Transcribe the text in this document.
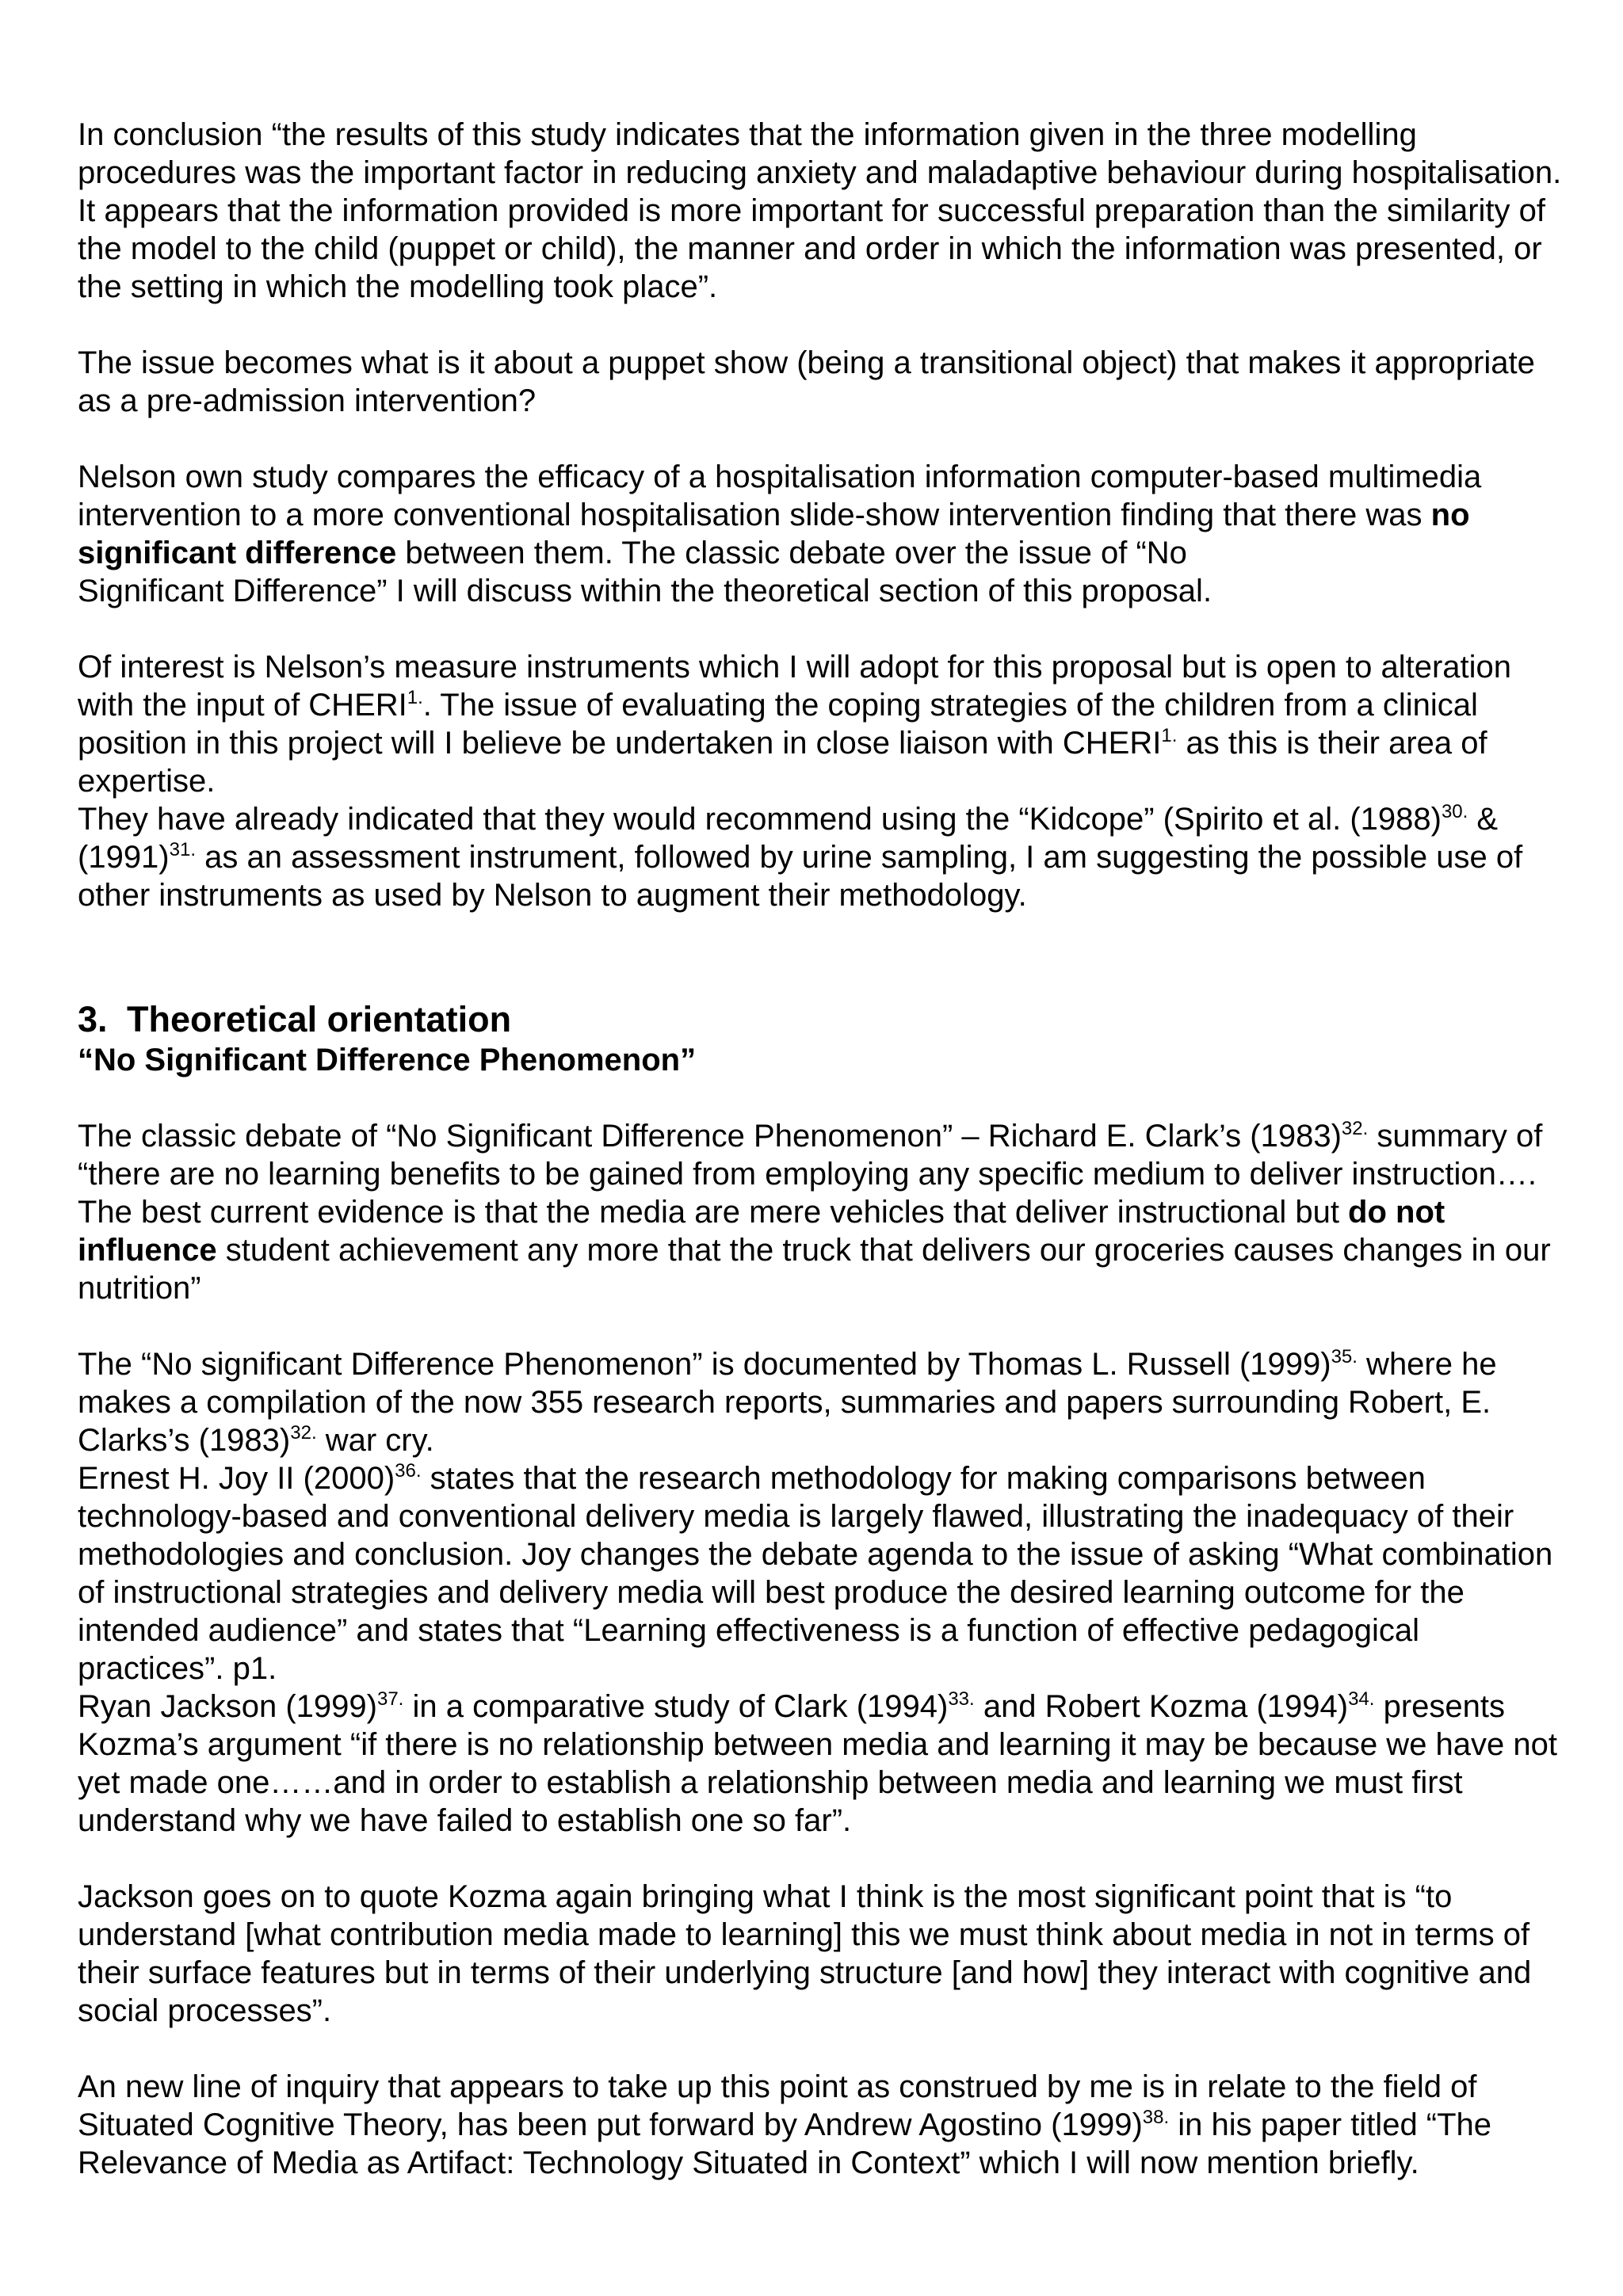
In conclusion “the results of this study indicates that the information given in the three modelling procedures was the important factor in reducing anxiety and maladaptive behaviour during hospitalisation. It appears that the information provided is more important for successful preparation than the similarity of the model to the child (puppet or child), the manner and order in which the information was presented, or the setting in which the modelling took place”.

The issue becomes what is it about a puppet show (being a transitional object) that makes it appropriate as a pre-admission intervention?

Nelson own study compares the efficacy of a hospitalisation information computer-based multimedia intervention to a more conventional hospitalisation slide-show intervention finding that there was no significant difference between them. The classic debate over the issue of “No
Significant Difference” I will discuss within the theoretical section of this proposal.

Of interest is Nelson’s measure instruments which I will adopt for this proposal but is open to alteration with the input of $CHERI^{1.}$. The issue of evaluating the coping strategies of the children from a clinical position in this project will I believe be undertaken in close liaison with $CHERI^{1.}$ as this is their area of expertise.

They have already indicated that they would recommend using the “Kidcope” (Spirito et al. $(1988)^{30.}$ & $(1991)^{31.}$ as an assessment instrument, followed by urine sampling, I am suggesting the possible use of other instruments as used by Nelson to augment their methodology.

3. Theoretical orientation

“No Significant Difference Phenomenon”

The classic debate of “No Significant Difference Phenomenon” – Richard E. Clark’s $(1983)^{32.}$ summary of “there are no learning benefits to be gained from employing any specific medium to deliver instruction…. The best current evidence is that the media are mere vehicles that deliver instructional but do not influence student achievement any more that the truck that delivers our groceries causes changes in our nutrition”

The “No significant Difference Phenomenon” is documented by Thomas L. Russell $(1999)^{35.}$ where he makes a compilation of the now 355 research reports, summaries and papers surrounding Robert, E. Clarks’s $(1983)^{32.}$ war cry.

Ernest H. Joy II $(2000)^{36.}$ states that the research methodology for making comparisons between technology-based and conventional delivery media is largely flawed, illustrating the inadequacy of their methodologies and conclusion. Joy changes the debate agenda to the issue of asking “What combination of instructional strategies and delivery media will best produce the desired learning outcome for the intended audience” and states that “Learning effectiveness is a function of effective pedagogical practices”. p1.

Ryan Jackson $(1999)^{37.}$ in a comparative study of Clark $(1994)^{33.}$ and Robert Kozma $(1994)^{34.}$ presents Kozma’s argument “if there is no relationship between media and learning it may be because we have not yet made one……and in order to establish a relationship between media and learning we must first understand why we have failed to establish one so far”.

Jackson goes on to quote Kozma again bringing what I think is the most significant point that is “to understand [what contribution media made to learning] this we must think about media in not in terms of their surface features but in terms of their underlying structure [and how] they interact with cognitive and social processes”.

An new line of inquiry that appears to take up this point as construed by me is in relate to the field of Situated Cognitive Theory, has been put forward by Andrew Agostino $(1999)^{38.}$ in his paper titled “The Relevance of Media as Artifact: Technology Situated in Context” which I will now mention briefly.
